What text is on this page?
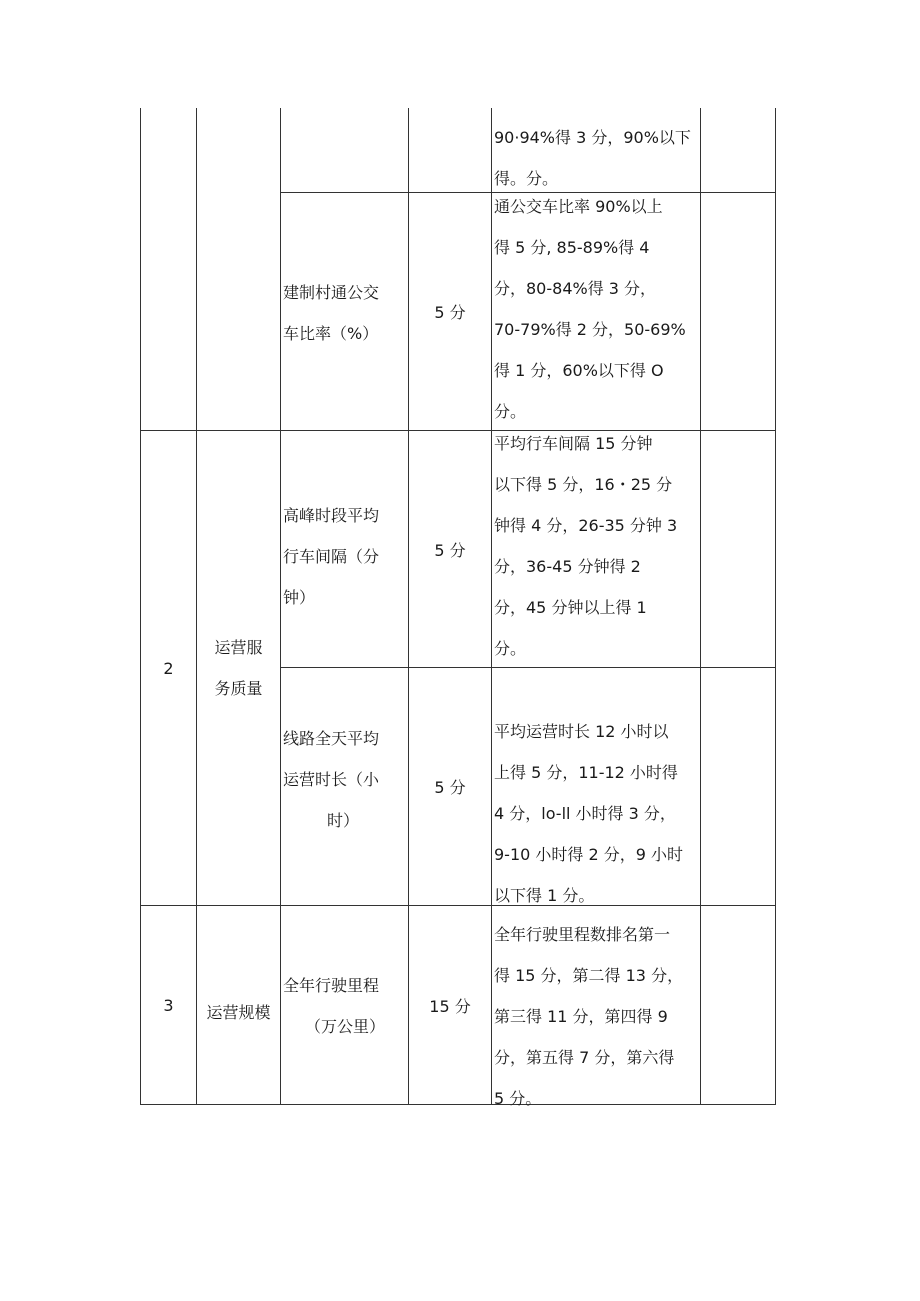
90·94%得 3 分，90%以下
得。分。
建制村通公交
车比率（%）
5 分
通公交车比率 90%以上
得 5 分, 85-89%得 4
分，80-84%得 3 分，
70-79%得 2 分，50-69%
得 1 分，60%以下得 O
分。
2
运营服
务质量
高峰时段平均
行车间隔（分
钟）
5 分
平均行车间隔 15 分钟
以下得 5 分，16・25 分
钟得 4 分，26-35 分钟 3
分，36-45 分钟得 2
分，45 分钟以上得 1
分。
线路全天平均
运营时长（小
时）
5 分
平均运营时长 12 小时以
上得 5 分，11-12 小时得
4 分，lo-ll 小时得 3 分，
9-10 小时得 2 分，9 小时
以下得 1 分。
3 运营规模
全年行驶里程
（万公里）
15 分
全年行驶里程数排名第一
得 15 分，第二得 13 分，
第三得 11 分，第四得 9
分，第五得 7 分，第六得
5 分。
